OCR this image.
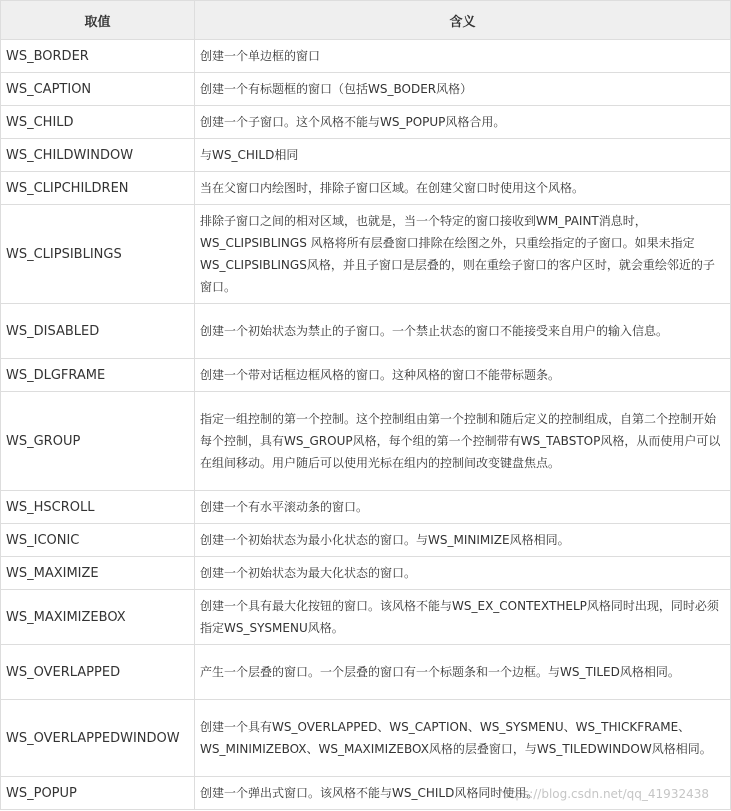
取值	含义
WS_BORDER	创建一个单边框的窗口
WS_CAPTION	创建一个有标题框的窗口（包括WS_BODER风格）
WS_CHILD	创建一个子窗口。这个风格不能与WS_POPUP风格合用。
WS_CHILDWINDOW	与WS_CHILD相同
WS_CLIPCHILDREN	当在父窗口内绘图时，排除子窗口区域。在创建父窗口时使用这个风格。
WS_CLIPSIBLINGS	排除子窗口之间的相对区域，也就是，当一个特定的窗口接收到WM_PAINT消息时，WS_CLIPSIBLINGS 风格将所有层叠窗口排除在绘图之外，只重绘指定的子窗口。如果未指定WS_CLIPSIBLINGS风格，并且子窗口是层叠的，则在重绘子窗口的客户区时，就会重绘邻近的子窗口。
WS_DISABLED	创建一个初始状态为禁止的子窗口。一个禁止状态的窗口不能接受来自用户的输入信息。
WS_DLGFRAME	创建一个带对话框边框风格的窗口。这种风格的窗口不能带标题条。
WS_GROUP	指定一组控制的第一个控制。这个控制组由第一个控制和随后定义的控制组成，自第二个控制开始每个控制，具有WS_GROUP风格，每个组的第一个控制带有WS_TABSTOP风格，从而使用户可以在组间移动。用户随后可以使用光标在组内的控制间改变键盘焦点。
WS_HSCROLL	创建一个有水平滚动条的窗口。
WS_ICONIC	创建一个初始状态为最小化状态的窗口。与WS_MINIMIZE风格相同。
WS_MAXIMIZE	创建一个初始状态为最大化状态的窗口。
WS_MAXIMIZEBOX	创建一个具有最大化按钮的窗口。该风格不能与WS_EX_CONTEXTHELP风格同时出现，同时必须指定WS_SYSMENU风格。
WS_OVERLAPPED	产生一个层叠的窗口。一个层叠的窗口有一个标题条和一个边框。与WS_TILED风格相同。
WS_OVERLAPPEDWINDOW	创建一个具有WS_OVERLAPPED、WS_CAPTION、WS_SYSMENU、WS_THICKFRAME、WS_MINIMIZEBOX、WS_MAXIMIZEBOX风格的层叠窗口，与WS_TILEDWINDOW风格相同。
WS_POPUP	创建一个弹出式窗口。该风格不能与WS_CHILD风格同时使用。
https://blog.csdn.net/qq_41932438
